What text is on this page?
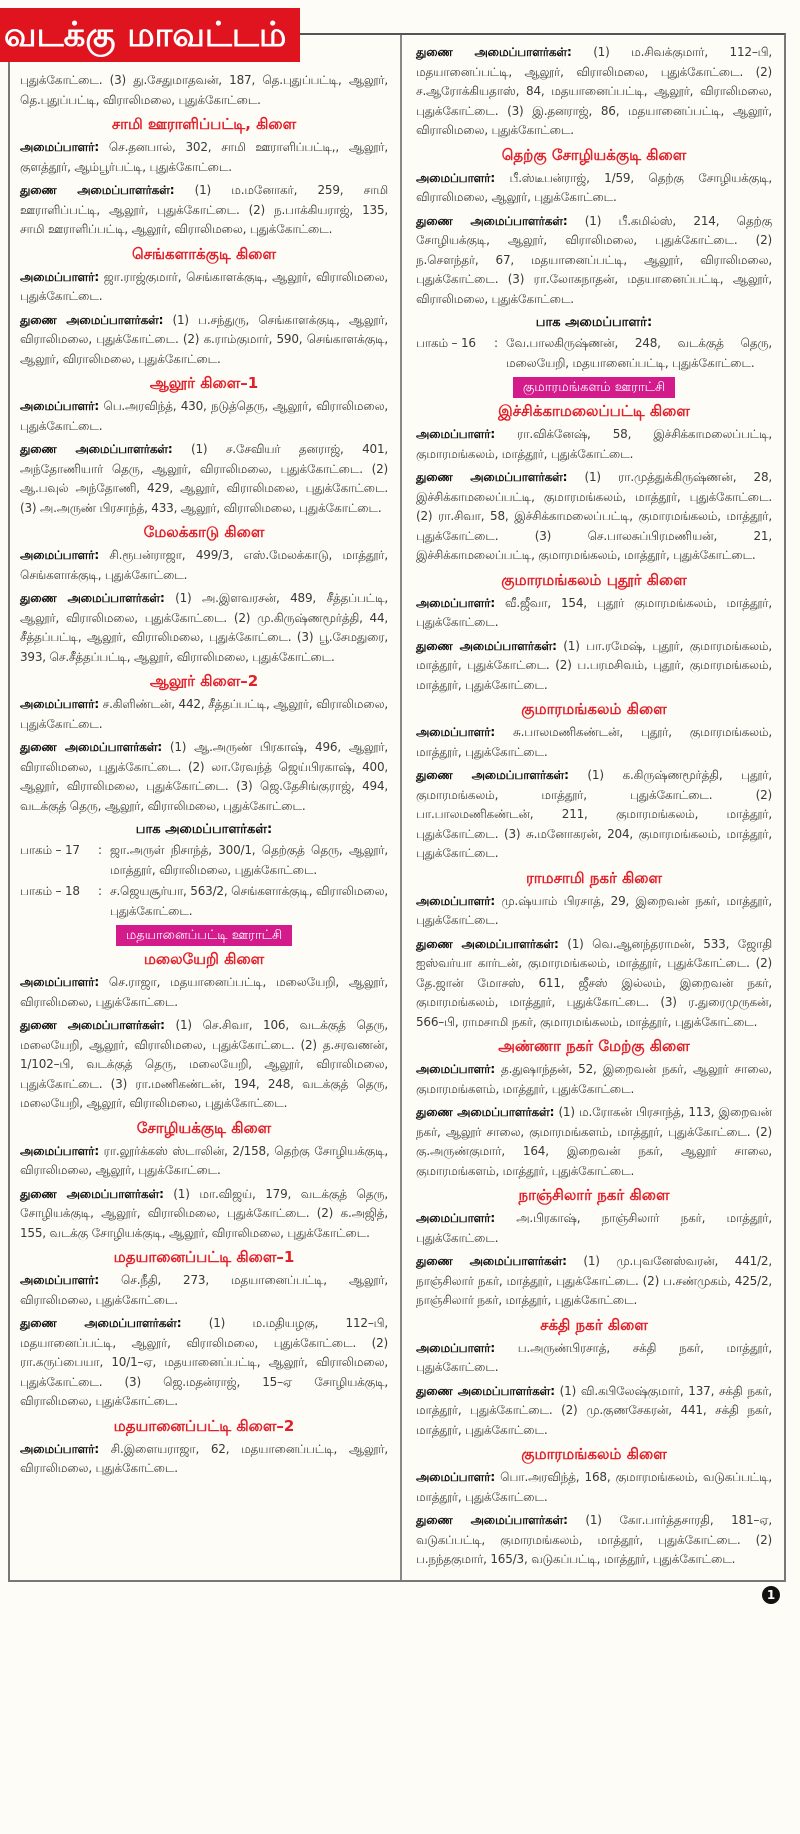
வடக்கு மாவட்டம்

புதுக்கோட்டை. (3) து.சேதுமாதவன், 187, தெ.புதுப்பட்டி, ஆலூர், தெ.புதுப்பட்டி, விராலிமலை, புதுக்கோட்டை.

சாமி ஊராளிப்பட்டி, கிளை

அமைப்பாளர்: செ.தனபால், 302, சாமி ஊராளிப்பட்டி,, ஆலூர், குளத்தூர், ஆம்பூர்பட்டி, புதுக்கோட்டை.

துணை அமைப்பாளர்கள்: (1) ம.மனோகர், 259, சாமி ஊராளிப்பட்டி, ஆலூர், புதுக்கோட்டை. (2) ந.பாக்கியராஜ், 135, சாமி ஊராளிப்பட்டி, ஆலூர், விராலிமலை, புதுக்கோட்டை.

செங்களாக்குடி கிளை

அமைப்பாளர்: ஜா.ராஜ்குமார், செங்காளக்குடி, ஆலூர், விராலிமலை, புதுக்கோட்டை.

துணை அமைப்பாளர்கள்: (1) ப.சந்துரு, செங்காளக்குடி, ஆலூர், விராலிமலை, புதுக்கோட்டை. (2) க.ராம்குமார், 590, செங்காளக்குடி, ஆலூர், விராலிமலை, புதுக்கோட்டை.

ஆலூர் கிளை–1

அமைப்பாளர்: பெ.அரவிந்த், 430, நடுத்தெரு, ஆலூர், விராலிமலை, புதுக்கோட்டை.

துணை அமைப்பாளர்கள்: (1) ச.சேவியர் தனராஜ், 401, அந்தோணியார் தெரு, ஆலூர், விராலிமலை, புதுக்கோட்டை. (2) ஆ.பவுல் அந்தோணி, 429, ஆலூர், விராலிமலை, புதுக்கோட்டை. (3) அ.அருண் பிரசாந்த், 433, ஆலூர், விராலிமலை, புதுக்கோட்டை.

மேலக்காடு கிளை

அமைப்பாளர்: சி.ரூபன்ராஜா, 499/3, எஸ்.மேலக்காடு, மாத்தூர், செங்களாக்குடி, புதுக்கோட்டை.

துணை அமைப்பாளர்கள்: (1) அ.இளவரசன், 489, சீத்தப்பட்டி, ஆலூர், விராலிமலை, புதுக்கோட்டை. (2) மு.கிருஷ்ணமூர்த்தி, 44, சீத்தப்பட்டி, ஆலூர், விராலிமலை, புதுக்கோட்டை. (3) பூ.சேமதுரை, 393, செ.சீத்தப்பட்டி, ஆலூர், விராலிமலை, புதுக்கோட்டை.

ஆலூர் கிளை–2

அமைப்பாளர்: ச.கிளிண்டன், 442, சீத்தப்பட்டி, ஆலூர், விராலிமலை, புதுக்கோட்டை.

துணை அமைப்பாளர்கள்: (1) ஆ.அருண் பிரகாஷ், 496, ஆலூர், விராலிமலை, புதுக்கோட்டை. (2) லா.ரேவந்த் ஜெய்பிரகாஷ், 400, ஆலூர், விராலிமலை, புதுக்கோட்டை. (3) ஜெ.தேசிங்குராஜ், 494, வடக்குத் தெரு, ஆலூர், விராலிமலை, புதுக்கோட்டை.

பாக அமைப்பாளர்கள்:
பாகம் – 17	: ஜா.அருள் நிசாந்த், 300/1, தெற்குத் தெரு, ஆலூர், மாத்தூர், விராலிமலை, புதுக்கோட்டை.
பாகம் – 18	: ச.ஜெயசூர்யா, 563/2, செங்களாக்குடி, விராலிமலை, புதுக்கோட்டை.
மதயானைப்பட்டி ஊராட்சி
மலையேறி கிளை

அமைப்பாளர்: செ.ராஜா, மதயானைப்பட்டி, மலையேறி, ஆலூர், விராலிமலை, புதுக்கோட்டை.

துணை அமைப்பாளர்கள்: (1) செ.சிவா, 106, வடக்குத் தெரு, மலையேறி, ஆலூர், விராலிமலை, புதுக்கோட்டை. (2) த.சரவணன், 1/102–பி, வடக்குத் தெரு, மலையேறி, ஆலூர், விராலிமலை, புதுக்கோட்டை. (3) ரா.மணிகண்டன், 194, 248, வடக்குத் தெரு, மலையேறி, ஆலூர், விராலிமலை, புதுக்கோட்டை.

சோழியக்குடி கிளை

அமைப்பாளர்: ரா.லூர்க்கஸ் ஸ்டாலின், 2/158, தெற்கு சோழியக்குடி, விராலிமலை, ஆலூர், புதுக்கோட்டை.

துணை அமைப்பாளர்கள்: (1) மா.விஜய், 179, வடக்குத் தெரு, சோழியக்குடி, ஆலூர், விராலிமலை, புதுக்கோட்டை. (2) க.அஜித், 155, வடக்கு சோழியக்குடி, ஆலூர், விராலிமலை, புதுக்கோட்டை.

மதயானைப்பட்டி கிளை–1

அமைப்பாளர்: செ.நீதி, 273, மதயானைப்பட்டி, ஆலூர், விராலிமலை, புதுக்கோட்டை.

துணை அமைப்பாளர்கள்: (1) ம.மதியழகு, 112–பி, மதயானைப்பட்டி, ஆலூர், விராலிமலை, புதுக்கோட்டை. (2) ரா.கருப்பையா, 10/1–ஏ, மதயானைப்பட்டி, ஆலூர், விராலிமலை, புதுக்கோட்டை. (3) ஜெ.மதன்ராஜ், 15–ஏ சோழியக்குடி, விராலிமலை, புதுக்கோட்டை.

மதயானைப்பட்டி கிளை–2

அமைப்பாளர்: சி.இளையராஜா, 62, மதயானைப்பட்டி, ஆலூர், விராலிமலை, புதுக்கோட்டை.

துணை அமைப்பாளர்கள்: (1) ம.சிவக்குமார், 112–பி, மதயானைப்பட்டி, ஆலூர், விராலிமலை, புதுக்கோட்டை. (2) ச.ஆரோக்கியதாஸ், 84, மதயானைப்பட்டி, ஆலூர், விராலிமலை, புதுக்கோட்டை. (3) இ.தனராஜ், 86, மதயானைப்பட்டி, ஆலூர், விராலிமலை, புதுக்கோட்டை.

தெற்கு சோழியக்குடி கிளை

அமைப்பாளர்: பீ.ஸ்டீபன்ராஜ், 1/59, தெற்கு சோழியக்குடி, விராலிமலை, ஆலூர், புதுக்கோட்டை.

துணை அமைப்பாளர்கள்: (1) பீ.கமில்ஸ், 214, தெற்கு சோழியக்குடி, ஆலூர், விராலிமலை, புதுக்கோட்டை. (2) ந.சௌந்தர், 67, மதயானைப்பட்டி, ஆலூர், விராலிமலை, புதுக்கோட்டை. (3) ரா.லோகநாதன், மதயானைப்பட்டி, ஆலூர், விராலிமலை, புதுக்கோட்டை.

பாக அமைப்பாளர்:
பாகம் – 16	: வே.பாலகிருஷ்ணன், 248, வடக்குத் தெரு, மலையேறி, மதயானைப்பட்டி, புதுக்கோட்டை.
குமாரமங்களம் ஊராட்சி
இச்சிக்காமலைப்பட்டி கிளை

அமைப்பாளர்: ரா.விக்னேஷ், 58, இச்சிக்காமலைப்பட்டி, குமாரமங்கலம், மாத்தூர், புதுக்கோட்டை.

துணை அமைப்பாளர்கள்: (1) ரா.முத்துக்கிருஷ்ணன், 28, இச்சிக்காமலைப்பட்டி, குமாரமங்கலம், மாத்தூர், புதுக்கோட்டை. (2) ரா.சிவா, 58, இச்சிக்காமலைப்பட்டி, குமாரமங்கலம், மாத்தூர், புதுக்கோட்டை. (3) செ.பாலசுப்பிரமணியன், 21, இச்சிக்காமலைப்பட்டி, குமாரமங்கலம், மாத்தூர், புதுக்கோட்டை.

குமாரமங்கலம் புதூர் கிளை

அமைப்பாளர்: வீ.ஜீவா, 154, புதூர் குமாரமங்கலம், மாத்தூர், புதுக்கோட்டை.

துணை அமைப்பாளர்கள்: (1) பா.ரமேஷ், புதூர், குமாரமங்கலம், மாத்தூர், புதுக்கோட்டை. (2) ப.பரமசிவம், புதூர், குமாரமங்கலம், மாத்தூர், புதுக்கோட்டை.

குமாரமங்கலம் கிளை

அமைப்பாளர்: சு.பாலமணிகண்டன், புதூர், குமாரமங்கலம், மாத்தூர், புதுக்கோட்டை.

துணை அமைப்பாளர்கள்: (1) க.கிருஷ்ணமூர்த்தி, புதூர், குமாரமங்கலம், மாத்தூர், புதுக்கோட்டை. (2) பா.பாலமணிகண்டன், 211, குமாரமங்கலம், மாத்தூர், புதுக்கோட்டை. (3) சு.மனோகரன், 204, குமாரமங்கலம், மாத்தூர், புதுக்கோட்டை.

ராமசாமி நகர் கிளை

அமைப்பாளர்: மு.ஷ்யாம் பிரசாத், 29, இறைவன் நகர், மாத்தூர், புதுக்கோட்டை.

துணை அமைப்பாளர்கள்: (1) வெ.ஆனந்தராமன், 533, ஜோதி ஐஸ்வர்யா கார்டன், குமாரமங்கலம், மாத்தூர், புதுக்கோட்டை. (2) தே.ஜான் மோசஸ், 611, ஜீசஸ் இல்லம், இறைவன் நகர், குமாரமங்கலம், மாத்தூர், புதுக்கோட்டை. (3) ர.துரைமுருகன், 566–பி, ராமசாமி நகர், குமாரமங்கலம், மாத்தூர், புதுக்கோட்டை.

அண்ணா நகர் மேற்கு கிளை

அமைப்பாளர்: த.துஷாந்தன், 52, இறைவன் நகர், ஆலூர் சாலை, குமாரமங்களம், மாத்தூர், புதுக்கோட்டை.

துணை அமைப்பாளர்கள்: (1) ம.ரோகன் பிரசாந்த், 113, இறைவன் நகர், ஆலூர் சாலை, குமாரமங்களம், மாத்தூர், புதுக்கோட்டை. (2) கு.அருண்குமார், 164, இறைவன் நகர், ஆலூர் சாலை, குமாரமங்களம், மாத்தூர், புதுக்கோட்டை.

நாஞ்சிலார் நகர் கிளை

அமைப்பாளர்: அ.பிரகாஷ், நாஞ்சிலார் நகர், மாத்தூர், புதுக்கோட்டை.

துணை அமைப்பாளர்கள்: (1) மு.புவனேஸ்வரன், 441/2, நாஞ்சிலார் நகர், மாத்தூர், புதுக்கோட்டை. (2) ப.சண்முகம், 425/2, நாஞ்சிலார் நகர், மாத்தூர், புதுக்கோட்டை.

சக்தி நகர் கிளை

அமைப்பாளர்: ப.அருண்பிரசாத், சக்தி நகர், மாத்தூர், புதுக்கோட்டை.

துணை அமைப்பாளர்கள்: (1) வி.கபிலேஷ்குமார், 137, சக்தி நகர், மாத்தூர், புதுக்கோட்டை. (2) மு.குணசேகரன், 441, சக்தி நகர், மாத்தூர், புதுக்கோட்டை.

குமாரமங்கலம் கிளை

அமைப்பாளர்: பொ.அரவிந்த், 168, குமாரமங்கலம், வடுகப்பட்டி, மாத்தூர், புதுக்கோட்டை.

துணை அமைப்பாளர்கள்: (1) கோ.பார்த்தசாரதி, 181–ஏ, வடுகப்பட்டி, குமாரமங்கலம், மாத்தூர், புதுக்கோட்டை. (2) ப.நந்தகுமார், 165/3, வடுகப்பட்டி, மாத்தூர், புதுக்கோட்டை.

1
